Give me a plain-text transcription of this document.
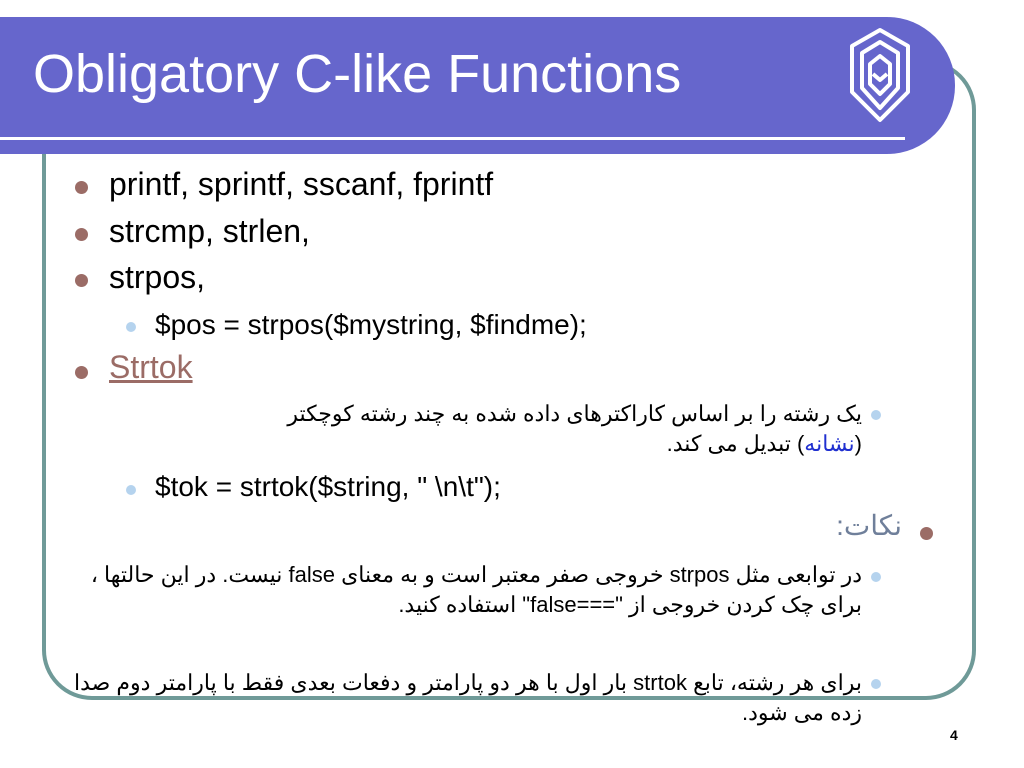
Obligatory C-like Functions
printf, sprintf, sscanf, fprintf
strcmp, strlen,
strpos,
$pos = strpos($mystring, $findme);
Strtok
یک رشته را بر اساس کاراکترهای داده شده به چند رشته کوچکتر
(نشانه) تبدیل می کند.
$tok = strtok($string, " \n\t");
نکات:
در توابعی مثل strpos خروجی صفر معتبر است و به معنای false نیست. در این حالتها ، برای چک کردن خروجی از "===false" استفاده کنید.
برای هر رشته، تابع strtok بار اول با هر دو پارامتر و دفعات بعدی فقط با پارامتر دوم صدا زده می شود.
4
